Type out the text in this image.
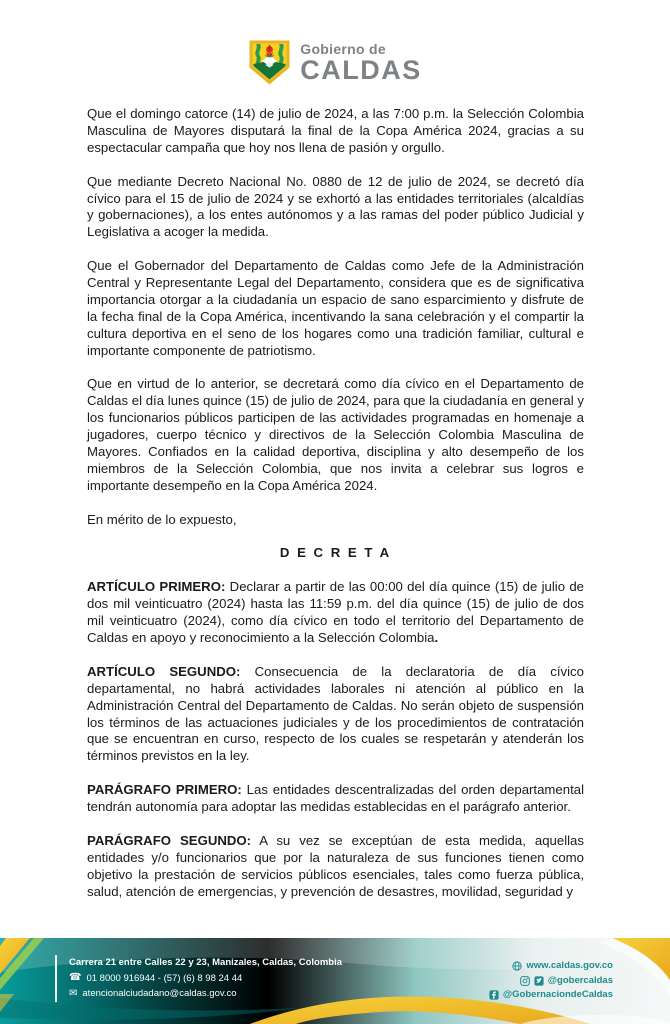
Gobierno de
CALDAS

Que el domingo catorce (14) de julio de 2024, a las 7:00 p.m. la Selección Colombia Masculina de Mayores disputará la final de la Copa América 2024, gracias a su espectacular campaña que hoy nos llena de pasión y orgullo.

Que mediante Decreto Nacional No. 0880 de 12 de julio de 2024, se decretó día cívico para el 15 de julio de 2024 y se exhortó a las entidades territoriales (alcaldías y gobernaciones), a los entes autónomos y a las ramas del poder público Judicial y Legislativa a acoger la medida.

Que el Gobernador del Departamento de Caldas como Jefe de la Administración Central y Representante Legal del Departamento, considera que es de significativa importancia otorgar a la ciudadanía un espacio de sano esparcimiento y disfrute de la fecha final de la Copa América, incentivando la sana celebración y el compartir la cultura deportiva en el seno de los hogares como una tradición familiar, cultural e importante componente de patriotismo.

Que en virtud de lo anterior, se decretará como día cívico en el Departamento de Caldas el día lunes quince (15) de julio de 2024, para que la ciudadanía en general y los funcionarios públicos participen de las actividades programadas en homenaje a jugadores, cuerpo técnico y directivos de la Selección Colombia Masculina de Mayores. Confiados en la calidad deportiva, disciplina y alto desempeño de los miembros de la Selección Colombia, que nos invita a celebrar sus logros e importante desempeño en la Copa América 2024.

En mérito de lo expuesto,

D E C R E T A

ARTÍCULO PRIMERO: Declarar a partir de las 00:00 del día quince (15) de julio de dos mil veinticuatro (2024) hasta las 11:59 p.m. del día quince (15) de julio de dos mil veinticuatro (2024), como día cívico en todo el territorio del Departamento de Caldas en apoyo y reconocimiento a la Selección Colombia.

ARTÍCULO SEGUNDO: Consecuencia de la declaratoria de día cívico departamental, no habrá actividades laborales ni atención al público en la Administración Central del Departamento de Caldas. No serán objeto de suspensión los términos de las actuaciones judiciales y de los procedimientos de contratación que se encuentran en curso, respecto de los cuales se respetarán y atenderán los términos previstos en la ley.

PARÁGRAFO PRIMERO: Las entidades descentralizadas del orden departamental tendrán autonomía para adoptar las medidas establecidas en el parágrafo anterior.

PARÁGRAFO SEGUNDO: A su vez se exceptúan de esta medida, aquellas entidades y/o funcionarios que por la naturaleza de sus funciones tienen como objetivo la prestación de servicios públicos esenciales, tales como fuerza pública, salud, atención de emergencias, y prevención de desastres, movilidad, seguridad y

Carrera 21 entre Calles 22 y 23, Manizales, Caldas, Colombia
☎ 01 8000 916944 - (57) (6) 8 98 24 44
✉ atencionalciudadano@caldas.gov.co
www.caldas.gov.co
@gobercaldas
@GobernaciondeCaldas
